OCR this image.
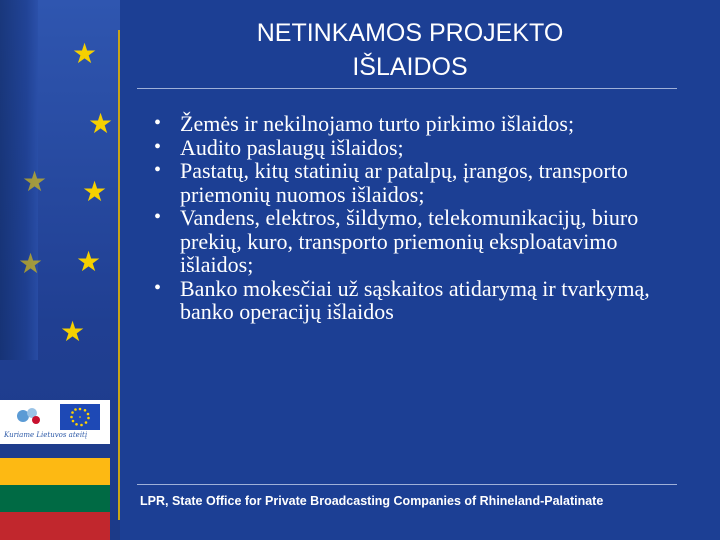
★
★
★
★
★
★
★
NETINKAMOS PROJEKTO
IŠLAIDOS
• Žemės ir nekilnojamo turto pirkimo išlaidos;
• Audito paslaugų išlaidos;
• Pastatų, kitų statinių ar patalpų, įrangos, transporto priemonių nuomos išlaidos;
• Vandens, elektros, šildymo, telekomunikacijų, biuro prekių, kuro, transporto priemonių eksploatavimo išlaidos;
• Banko mokesčiai už sąskaitos atidarymą ir tvarkymą, banko operacijų išlaidos
LPR, State Office for Private Broadcasting Companies of Rhineland-Palatinate
Kuriame Lietuvos ateitį
